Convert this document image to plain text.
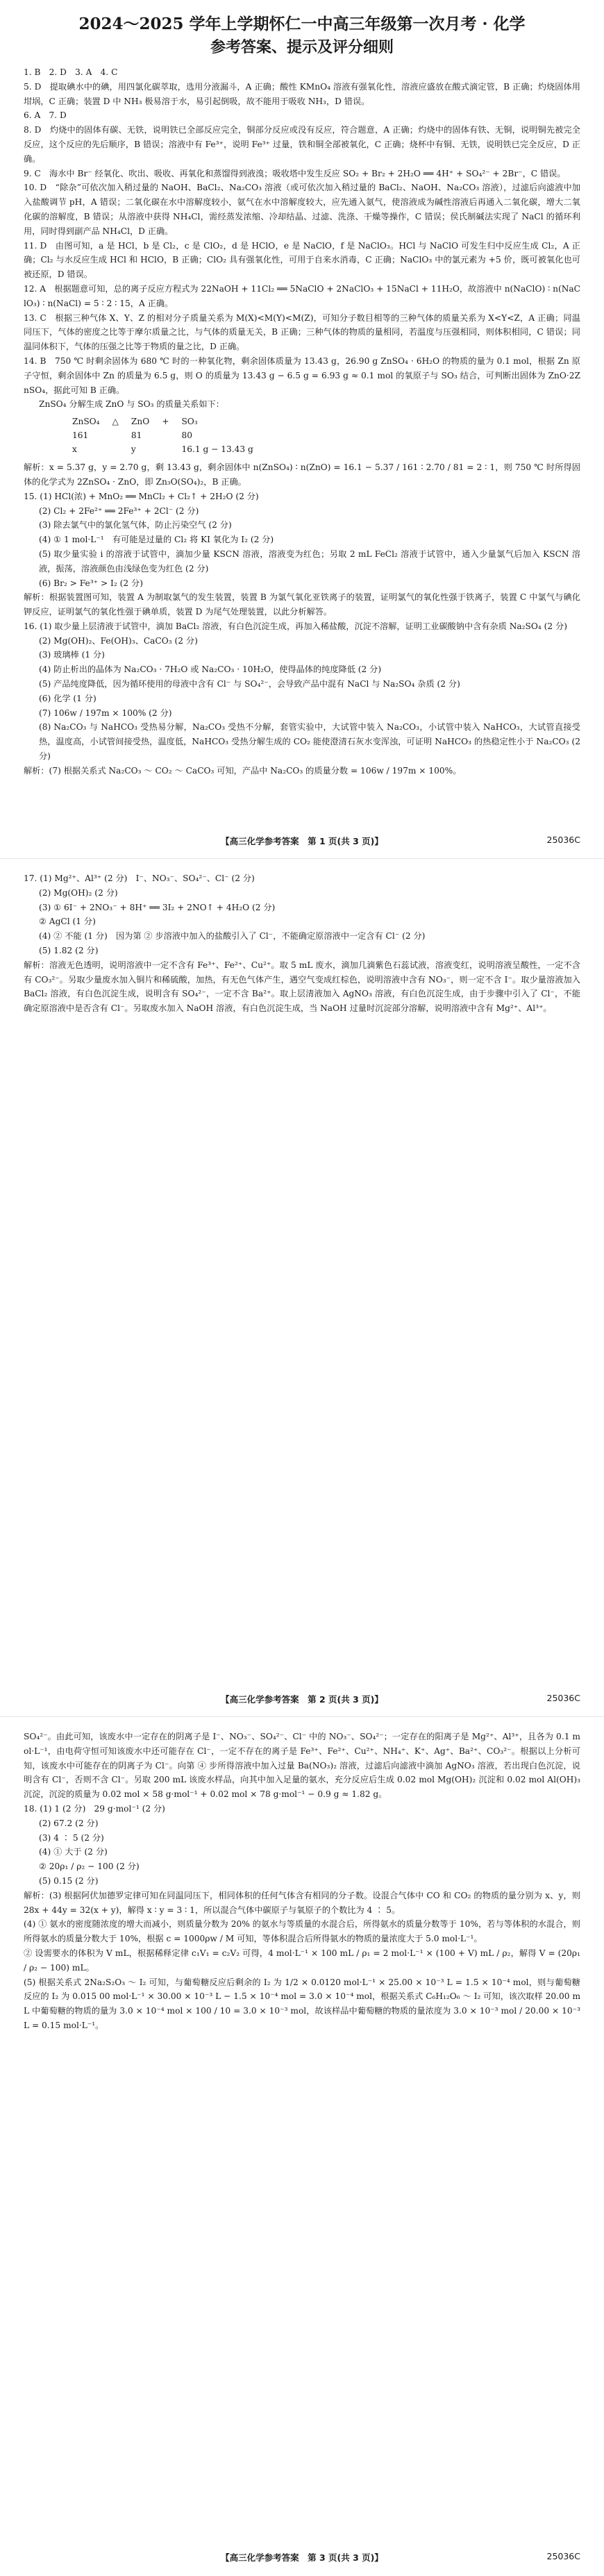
2024～2025 学年上学期怀仁一中高三年级第一次月考 · 化学
参考答案、提示及评分细则

1. B　2. D　3. A　4. C

5. D　提取碘水中的碘，用四氯化碳萃取，选用分液漏斗，A 正确；酸性 KMnO₄ 溶液有强氧化性，溶液应盛放在酸式滴定管，B 正确；灼烧固体用坩埚，C 正确；装置 D 中 NH₃ 极易溶于水，易引起倒吸，故不能用于吸收 NH₃，D 错误。

6. A　7. D

8. D　灼烧中的固体有碳、无铁，说明铁已全部反应完全，铜部分反应或没有反应，符合题意，A 正确；灼烧中的固体有铁、无铜，说明铜先被完全反应，这个反应的先后顺序，B 错误；溶液中有 Fe³⁺，说明 Fe³⁺ 过量，铁和铜全部被氧化，C 正确；烧杯中有铜、无铁，说明铁已完全反应，D 正确。

9. C　海水中 Br⁻ 经氧化、吹出、吸收、再氧化和蒸馏得到液溴；吸收塔中发生反应 SO₂ + Br₂ + 2H₂O ══ 4H⁺ + SO₄²⁻ + 2Br⁻，C 错误。

10. D　“除杂”可依次加入稍过量的 NaOH、BaCl₂、Na₂CO₃ 溶液（或可依次加入稍过量的 BaCl₂、NaOH、Na₂CO₃ 溶液），过滤后向滤液中加入盐酸调节 pH，A 错误；二氧化碳在水中溶解度较小，氨气在水中溶解度较大，应先通入氨气，使溶液成为碱性溶液后再通入二氧化碳，增大二氧化碳的溶解度，B 错误；从溶液中获得 NH₄Cl，需经蒸发浓缩、冷却结晶、过滤、洗涤、干燥等操作，C 错误；侯氏制碱法实现了 NaCl 的循环利用，同时得到副产品 NH₄Cl，D 正确。

11. D　由图可知，a 是 HCl，b 是 Cl₂，c 是 ClO₂，d 是 HClO，e 是 NaClO，f 是 NaClO₃。HCl 与 NaClO 可发生归中反应生成 Cl₂，A 正确；Cl₂ 与水反应生成 HCl 和 HClO，B 正确；ClO₂ 具有强氧化性，可用于自来水消毒，C 正确；NaClO₃ 中的氯元素为 +5 价，既可被氧化也可被还原，D 错误。

12. A　根据题意可知，总的离子反应方程式为 22NaOH + 11Cl₂ ══ 5NaClO + 2NaClO₃ + 15NaCl + 11H₂O，故溶液中 n(NaClO) ∶ n(NaClO₃) ∶ n(NaCl) = 5 ∶ 2 ∶ 15，A 正确。

13. C　根据三种气体 X、Y、Z 的相对分子质量关系为 M(X)<M(Y)<M(Z)，可知分子数目相等的三种气体的质量关系为 X<Y<Z，A 正确；同温同压下，气体的密度之比等于摩尔质量之比，与气体的质量无关，B 正确；三种气体的物质的量相同，若温度与压强相同，则体积相同，C 错误；同温同体积下，气体的压强之比等于物质的量之比，D 正确。

14. B　750 ℃ 时剩余固体为 680 ℃ 时的一种氧化物，剩余固体质量为 13.43 g，26.90 g ZnSO₄ · 6H₂O 的物质的量为 0.1 mol，根据 Zn 原子守恒，剩余固体中 Zn 的质量为 6.5 g，则 O 的质量为 13.43 g − 6.5 g = 6.93 g ≈ 0.1 mol 的氧原子与 SO₃ 结合，可判断出固体为 ZnO·2ZnSO₄，据此可知 B 正确。

ZnSO₄ 分解生成 ZnO 与 SO₃ 的质量关系如下：

ZnSO₄	△	ZnO	+	SO₃
161		81		80
x		y		16.1 g − 13.43 g

解析：x = 5.37 g，y = 2.70 g，剩 13.43 g，剩余固体中 n(ZnSO₄) ∶ n(ZnO) = 16.1 − 5.37 / 161 ∶ 2.70 / 81 = 2 ∶ 1，则 750 ℃ 时所得固体的化学式为 2ZnSO₄ · ZnO，即 Zn₃O(SO₄)₂，B 正确。

15. (1) HCl(浓) + MnO₂ ══ MnCl₂ + Cl₂↑ + 2H₂O (2 分)

(2) Cl₂ + 2Fe²⁺ ══ 2Fe³⁺ + 2Cl⁻ (2 分)

(3) 除去氯气中的氯化氢气体，防止污染空气 (2 分)

(4) ① 1 mol·L⁻¹　有可能是过量的 Cl₂ 将 KI 氧化为 I₂ (2 分)

(5) 取少量实验 i 的溶液于试管中，滴加少量 KSCN 溶液，溶液变为红色；另取 2 mL FeCl₂ 溶液于试管中，通入少量氯气后加入 KSCN 溶液，振荡，溶液颜色由浅绿色变为红色 (2 分)

(6) Br₂ > Fe³⁺ > I₂ (2 分)

解析：根据装置图可知，装置 A 为制取氯气的发生装置，装置 B 为氯气氧化亚铁离子的装置，证明氯气的氧化性强于铁离子，装置 C 中氯气与碘化钾反应，证明氯气的氧化性强于碘单质，装置 D 为尾气处理装置，以此分析解答。

16. (1) 取少量上层清液于试管中，滴加 BaCl₂ 溶液，有白色沉淀生成，再加入稀盐酸，沉淀不溶解，证明工业碳酸钠中含有杂质 Na₂SO₄ (2 分)

(2) Mg(OH)₂、Fe(OH)₃、CaCO₃ (2 分)

(3) 玻璃棒 (1 分)

(4) 防止析出的晶体为 Na₂CO₃ · 7H₂O 或 Na₂CO₃ · 10H₂O，使得晶体的纯度降低 (2 分)

(5) 产品纯度降低，因为循环使用的母液中含有 Cl⁻ 与 SO₄²⁻，会导致产品中混有 NaCl 与 Na₂SO₄ 杂质 (2 分)

(6) 化学 (1 分)

(7) 106w / 197m × 100% (2 分)

(8) Na₂CO₃ 与 NaHCO₃ 受热易分解，Na₂CO₃ 受热不分解，套管实验中，大试管中装入 Na₂CO₃，小试管中装入 NaHCO₃，大试管直接受热，温度高，小试管间接受热，温度低，NaHCO₃ 受热分解生成的 CO₂ 能使澄清石灰水变浑浊，可证明 NaHCO₃ 的热稳定性小于 Na₂CO₃ (2 分)

解析：(7) 根据关系式 Na₂CO₃ ～ CO₂ ～ CaCO₃ 可知，产品中 Na₂CO₃ 的质量分数 = 106w / 197m × 100%。

【高三化学参考答案　第 1 页(共 3 页)】	25036C

17. (1) Mg²⁺、Al³⁺ (2 分)　I⁻、NO₃⁻、SO₄²⁻、Cl⁻ (2 分)

(2) Mg(OH)₂ (2 分)

(3) ① 6I⁻ + 2NO₃⁻ + 8H⁺ ══ 3I₂ + 2NO↑ + 4H₂O (2 分)

② AgCl (1 分)

(4) ② 不能 (1 分)　因为第 ② 步溶液中加入的盐酸引入了 Cl⁻，不能确定原溶液中一定含有 Cl⁻ (2 分)

(5) 1.82 (2 分)

解析：溶液无色透明，说明溶液中一定不含有 Fe³⁺、Fe²⁺、Cu²⁺。取 5 mL 废水，滴加几滴紫色石蕊试液，溶液变红，说明溶液呈酸性，一定不含有 CO₃²⁻。另取少量废水加入铜片和稀硫酸，加热，有无色气体产生，遇空气变成红棕色，说明溶液中含有 NO₃⁻，则一定不含 I⁻。取少量溶液加入 BaCl₂ 溶液，有白色沉淀生成，说明含有 SO₄²⁻，一定不含 Ba²⁺。取上层清液加入 AgNO₃ 溶液，有白色沉淀生成，由于步骤中引入了 Cl⁻，不能确定原溶液中是否含有 Cl⁻。另取废水加入 NaOH 溶液，有白色沉淀生成，当 NaOH 过量时沉淀部分溶解，说明溶液中含有 Mg²⁺、Al³⁺。

【高三化学参考答案　第 2 页(共 3 页)】	25036C

SO₄²⁻。由此可知，该废水中一定存在的阴离子是 I⁻、NO₃⁻、SO₄²⁻、Cl⁻ 中的 NO₃⁻、SO₄²⁻；一定存在的阳离子是 Mg²⁺、Al³⁺，且各为 0.1 mol·L⁻¹，由电荷守恒可知该废水中还可能存在 Cl⁻，一定不存在的离子是 Fe³⁺、Fe²⁺、Cu²⁺、NH₄⁺、K⁺、Ag⁺、Ba²⁺、CO₃²⁻。根据以上分析可知，该废水中可能存在的阴离子为 Cl⁻。向第 ④ 步所得溶液中加入过量 Ba(NO₃)₂ 溶液，过滤后向滤液中滴加 AgNO₃ 溶液，若出现白色沉淀，说明含有 Cl⁻，否则不含 Cl⁻。另取 200 mL 该废水样品，向其中加入足量的氨水，充分反应后生成 0.02 mol Mg(OH)₂ 沉淀和 0.02 mol Al(OH)₃ 沉淀，沉淀的质量为 0.02 mol × 58 g·mol⁻¹ + 0.02 mol × 78 g·mol⁻¹ − 0.9 g ≈ 1.82 g。

18. (1) 1 (2 分)　29 g·mol⁻¹ (2 分)

(2) 67.2 (2 分)

(3) 4 ∶ 5 (2 分)

(4) ① 大于 (2 分)

② 20ρ₁ / ρ₂ − 100 (2 分)

(5) 0.15 (2 分)

解析：(3) 根据阿伏加德罗定律可知在同温同压下，相同体积的任何气体含有相同的分子数。设混合气体中 CO 和 CO₂ 的物质的量分别为 x、y，则 28x + 44y = 32(x + y)，解得 x ∶ y = 3 ∶ 1，所以混合气体中碳原子与氧原子的个数比为 4 ∶ 5。

(4) ① 氨水的密度随浓度的增大而减小，则质量分数为 20% 的氨水与等质量的水混合后，所得氨水的质量分数等于 10%，若与等体积的水混合，则所得氨水的质量分数大于 10%，根据 c = 1000ρw / M 可知，等体积混合后所得氨水的物质的量浓度大于 5.0 mol·L⁻¹。

② 设需要水的体积为 V mL，根据稀释定律 c₁V₁ = c₂V₂ 可得，4 mol·L⁻¹ × 100 mL / ρ₁ = 2 mol·L⁻¹ × (100 + V) mL / ρ₂，解得 V = (20ρ₁ / ρ₂ − 100) mL。

(5) 根据关系式 2Na₂S₂O₃ ～ I₂ 可知，与葡萄糖反应后剩余的 I₂ 为 1/2 × 0.0120 mol·L⁻¹ × 25.00 × 10⁻³ L = 1.5 × 10⁻⁴ mol，则与葡萄糖反应的 I₂ 为 0.015 00 mol·L⁻¹ × 30.00 × 10⁻³ L − 1.5 × 10⁻⁴ mol = 3.0 × 10⁻⁴ mol，根据关系式 C₆H₁₂O₆ ～ I₂ 可知，该次取样 20.00 mL 中葡萄糖的物质的量为 3.0 × 10⁻⁴ mol × 100 / 10 = 3.0 × 10⁻³ mol，故该样品中葡萄糖的物质的量浓度为 3.0 × 10⁻³ mol / 20.00 × 10⁻³ L = 0.15 mol·L⁻¹。

【高三化学参考答案　第 3 页(共 3 页)】	25036C
